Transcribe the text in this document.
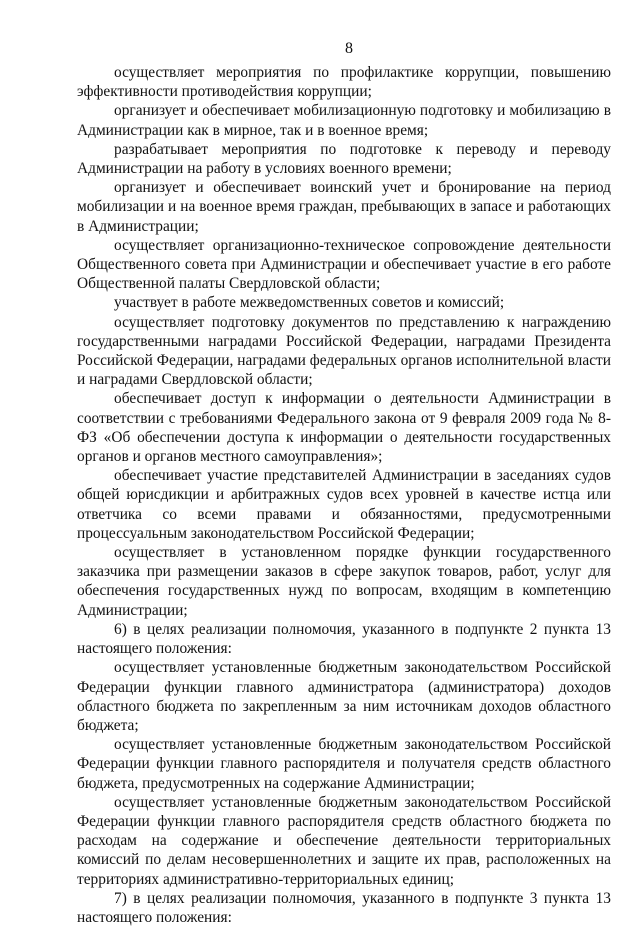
8

осуществляет мероприятия по профилактике коррупции, повышению эффективности противодействия коррупции;

организует и обеспечивает мобилизационную подготовку и мобилизацию в Администрации как в мирное, так и в военное время;

разрабатывает мероприятия по подготовке к переводу и переводу Администрации на работу в условиях военного времени;

организует и обеспечивает воинский учет и бронирование на период мобилизации и на военное время граждан, пребывающих в запасе и работающих в Администрации;

осуществляет организационно-техническое сопровождение деятельности Общественного совета при Администрации и обеспечивает участие в его работе Общественной палаты Свердловской области;

участвует в работе межведомственных советов и комиссий;

осуществляет подготовку документов по представлению к награждению государственными наградами Российской Федерации, наградами Президента Российской Федерации, наградами федеральных органов исполнительной власти и наградами Свердловской области;

обеспечивает доступ к информации о деятельности Администрации в соответствии с требованиями Федерального закона от 9 февраля 2009 года № 8-ФЗ «Об обеспечении доступа к информации о деятельности государственных органов и органов местного самоуправления»;

обеспечивает участие представителей Администрации в заседаниях судов общей юрисдикции и арбитражных судов всех уровней в качестве истца или ответчика со всеми правами и обязанностями, предусмотренными процессуальным законодательством Российской Федерации;

осуществляет в установленном порядке функции государственного заказчика при размещении заказов в сфере закупок товаров, работ, услуг для обеспечения государственных нужд по вопросам, входящим в компетенцию Администрации;

6) в целях реализации полномочия, указанного в подпункте 2 пункта 13 настоящего положения:

осуществляет установленные бюджетным законодательством Российской Федерации функции главного администратора (администратора) доходов областного бюджета по закрепленным за ним источникам доходов областного бюджета;

осуществляет установленные бюджетным законодательством Российской Федерации функции главного распорядителя и получателя средств областного бюджета, предусмотренных на содержание Администрации;

осуществляет установленные бюджетным законодательством Российской Федерации функции главного распорядителя средств областного бюджета по расходам на содержание и обеспечение деятельности территориальных комиссий по делам несовершеннолетних и защите их прав, расположенных на территориях административно-территориальных единиц;

7) в целях реализации полномочия, указанного в подпункте 3 пункта 13 настоящего положения:
